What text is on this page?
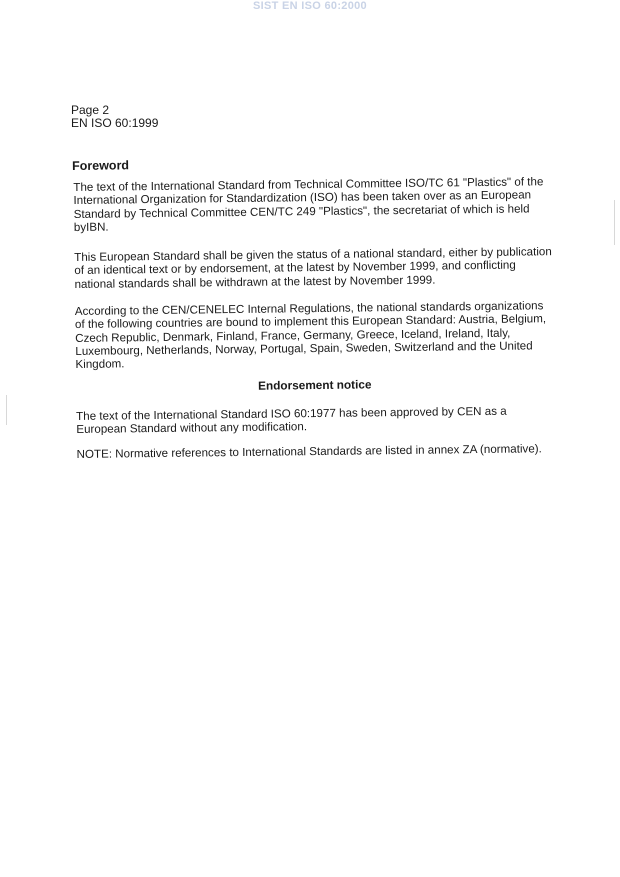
SIST EN ISO 60:2000
Page 2
EN ISO 60:1999
Foreword

The text of the International Standard from Technical Committee ISO/TC 61 "Plastics" of the International Organization for Standardization (ISO) has been taken over as an European Standard by Technical Committee CEN/TC 249 "Plastics", the secretariat of which is held byIBN.

This European Standard shall be given the status of a national standard, either by publication of an identical text or by endorsement, at the latest by November 1999, and conflicting national standards shall be withdrawn at the latest by November 1999.

According to the CEN/CENELEC Internal Regulations, the national standards organizations of the following countries are bound to implement this European Standard: Austria, Belgium, Czech Republic, Denmark, Finland, France, Germany, Greece, Iceland, Ireland, Italy, Luxembourg, Netherlands, Norway, Portugal, Spain, Sweden, Switzerland and the United Kingdom.

Endorsement notice

The text of the International Standard ISO 60:1977 has been approved by CEN as a European Standard without any modification.

NOTE: Normative references to International Standards are listed in annex ZA (normative).
